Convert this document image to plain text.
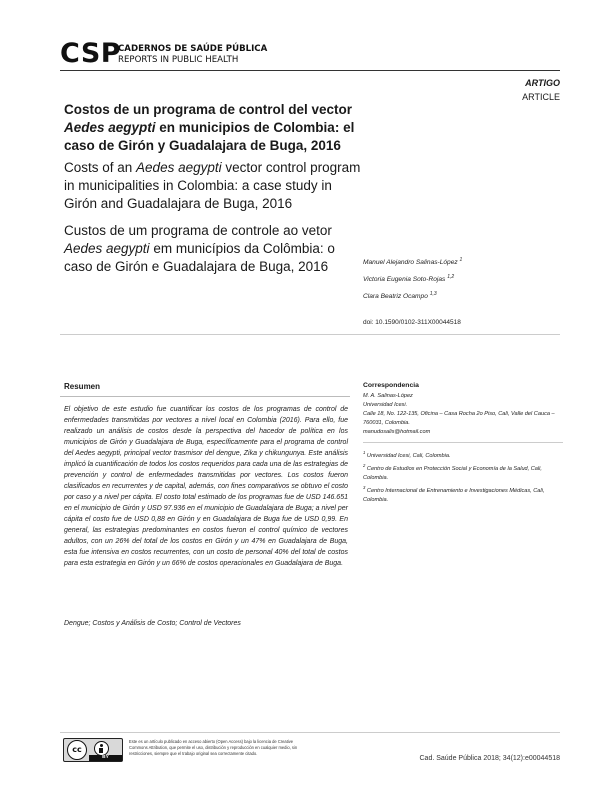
CSP
CADERNOS DE SAÚDE PÚBLICA
REPORTS IN PUBLIC HEALTH
ARTIGO
ARTICLE
Costos de un programa de control del vector Aedes aegypti en municipios de Colombia: el caso de Girón y Guadalajara de Buga, 2016
Costs of an Aedes aegypti vector control program in municipalities in Colombia: a case study in Girón and Guadalajara de Buga, 2016
Custos de um programa de controle ao vetor Aedes aegypti em municípios da Colômbia: o caso de Girón e Guadalajara de Buga, 2016	Manuel Alejandro Salinas-López $^1$
Victoria Eugenia Soto-Rojas $^{1,2}$
Clara Beatriz Ocampo $^{1,3}$
doi: 10.1590/0102-311X00044518
Resumen

El objetivo de este estudio fue cuantificar los costos de los programas de control de enfermedades transmitidas por vectores a nivel local en Colombia (2016). Para ello, fue realizado un análisis de costos desde la perspectiva del hacedor de política en los municipios de Girón y Guadalajara de Buga, específicamente para el programa de control del Aedes aegypti, principal vector trasmisor del dengue, Zika y chikungunya. Este análisis implicó la cuantificación de todos los costos requeridos para cada una de las estrategias de prevención y control de enfermedades transmitidas por vectores. Los costos fueron clasificados en recurrentes y de capital, además, con fines comparativos se obtuvo el costo por caso y a nivel per cápita. El costo total estimado de los programas fue de USD 146.651 en el municipio de Girón y USD 97.936 en el municipio de Guadalajara de Buga; a nivel per cápita el costo fue de USD 0,88 en Girón y en Guadalajara de Buga fue de USD 0,99. En general, las estrategias predominantes en costos fueron el control químico de vectores adultos, con un 26% del total de los costos en Girón y un 47% en Guadalajara de Buga, esta fue intensiva en costos recurrentes, con un costo de personal 40% del total de costos para esta estrategia en Girón y un 66% de costos operacionales en Guadalajara de Buga.

Dengue; Costos y Análisis de Costo; Control de Vectores
Correspondencia
M. A. Salinas-López
Universidad Icesi.
Calle 18, No. 122-135, Oficina – Casa Rocha 2o Piso, Cali, Valle del Cauca – 760031, Colombia.
manudosalis@hotmail.com
$^1$ Universidad Icesi, Cali, Colombia.
$^2$ Centro de Estudios en Protección Social y Economía de la Salud, Cali, Colombia.
$^3$ Centro Internacional de Entrenamiento e Investigaciones Médicas, Cali, Colombia.
cc
BY
Este es un artículo publicado en acceso abierto (Open Access) bajo la licencia de Creative Commons Attribution, que permite el uso, distribución y reproducción en cualquier medio, sin restricciones, siempre que el trabajo original sea correctamente citado.
Cad. Saúde Pública 2018; 34(12):e00044518
